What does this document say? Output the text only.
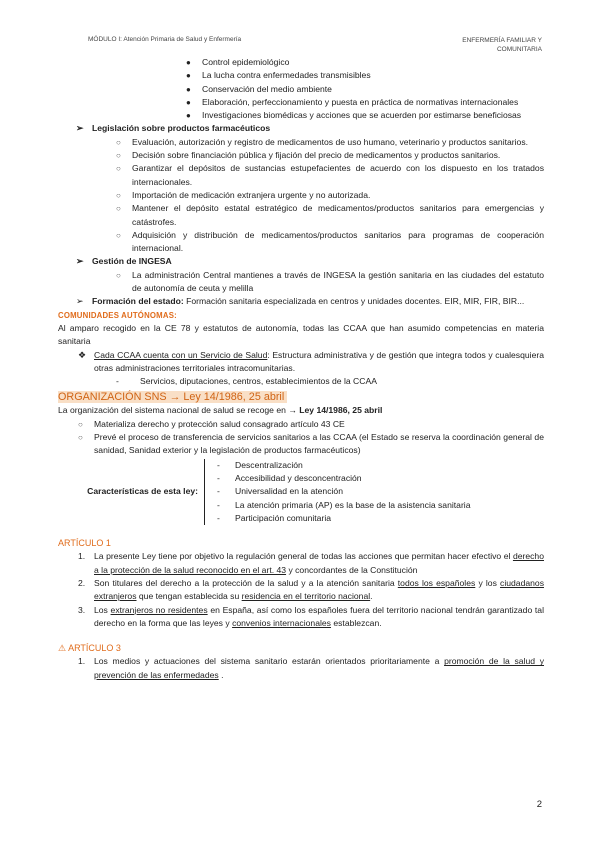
MÓDULO I: Atención Primaria de Salud y Enfermería	ENFERMERÍA FAMILIAR Y
COMUNITARIA
● Control epidemiológico
● La lucha contra enfermedades transmisibles
● Conservación del medio ambiente
● Elaboración, perfeccionamiento y puesta en práctica de normativas internacionales
● Investigaciones biomédicas y acciones que se acuerden por estimarse beneficiosas
➢ Legislación sobre productos farmacéuticos
○ Evaluación, autorización y registro de medicamentos de uso humano, veterinario y productos sanitarios.
○ Decisión sobre financiación pública y fijación del precio de medicamentos y productos sanitarios.
○ Garantizar el depósitos de sustancias estupefacientes de acuerdo con los dispuesto en los tratados internacionales.
○ Importación de medicación extranjera urgente y no autorizada.
○ Mantener el depósito estatal estratégico de medicamentos/productos sanitarios para emergencias y catástrofes.
○ Adquisición y distribución de medicamentos/productos sanitarios para programas de cooperación internacional.
➢ Gestión de INGESA
○ La administración Central mantienes a través de INGESA la gestión sanitaria en las ciudades del estatuto de autonomía de ceuta y melilla
➢ Formación del estado: Formación sanitaria especializada en centros y unidades docentes. EIR, MIR, FIR, BIR...
COMUNIDADES AUTÓNOMAS:
Al amparo recogido en la CE 78 y estatutos de autonomía, todas las CCAA que han asumido competencias en materia sanitaria
❖ Cada CCAA cuenta con un Servicio de Salud: Estructura administrativa y de gestión que integra todos y cualesquiera otras administraciones territoriales intracomunitarias.
- Servicios, diputaciones, centros, establecimientos de la CCAA
ORGANIZACIÓN SNS → Ley 14/1986, 25 abril
La organización del sistema nacional de salud se recoge en → Ley 14/1986, 25 abril
○ Materializa derecho y protección salud consagrado artículo 43 CE
○ Prevé el proceso de transferencia de servicios sanitarios a las CCAA (el Estado se reserva la coordinación general de sanidad, Sanidad exterior y la legislación de productos farmacéuticos)
Características de esta ley:
- Descentralización
- Accesibilidad y desconcentración
- Universalidad en la atención
- La atención primaria (AP) es la base de la asistencia sanitaria
- Participación comunitaria
ARTÍCULO 1
1. La presente Ley tiene por objetivo la regulación general de todas las acciones que permitan hacer efectivo el derecho a la protección de la salud reconocido en el art. 43 y concordantes de la Constitución
2. Son titulares del derecho a la protección de la salud y a la atención sanitaria todos los españoles y los ciudadanos extranjeros que tengan establecida su residencia en el territorio nacional.
3. Los extranjeros no residentes en España, así como los españoles fuera del territorio nacional tendrán garantizado tal derecho en la forma que las leyes y convenios internacionales establezcan.
⚠ ARTÍCULO 3
1. Los medios y actuaciones del sistema sanitario estarán orientados prioritariamente a promoción de la salud y prevención de las enfermedades .
2
